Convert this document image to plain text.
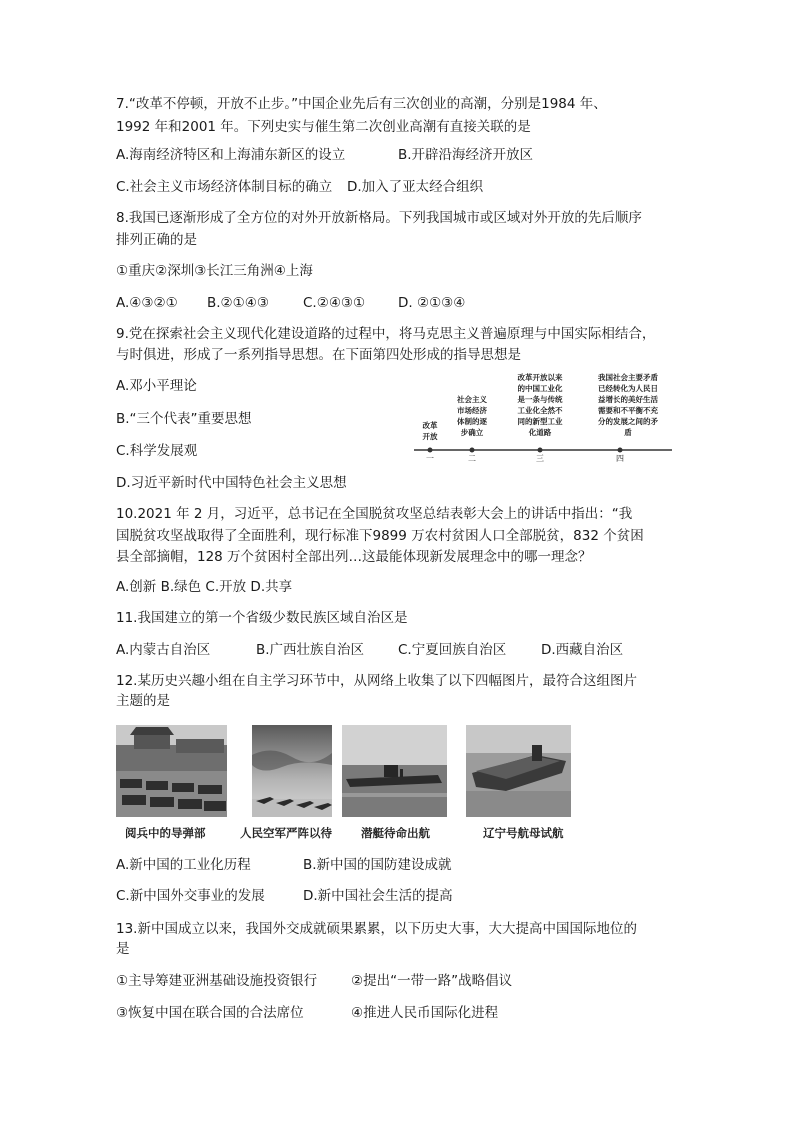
7.“改革不停顿，开放不止步。”中国企业先后有三次创业的高潮，分别是1984 年、
1992 年和2001 年。下列史实与催生第二次创业高潮有直接关联的是
A.海南经济特区和上海浦东新区的设立	B.开辟沿海经济开放区
C.社会主义市场经济体制目标的确立 D.加入了亚太经合组织
8.我国已逐渐形成了全方位的对外开放新格局。下列我国城市或区域对外开放的先后顺序
排列正确的是
①重庆②深圳③长江三角洲④上海
A.④③②① B.②①④③	C.②④③① D. ②①③④
9.党在探索社会主义现代化建设道路的过程中，将马克思主义普遍原理与中国实际相结合，
与时俱进，形成了一系列指导思想。在下面第四处形成的指导思想是
A.邓小平理论
B.“三个代表”重要思想
C.科学发展观
D.习近平新时代中国特色社会主义思想
改革
开放
社会主义
市场经济
体制的逐
步确立
改革开放以来
的中国工业化
是一条与传统
工业化全然不
同的新型工业
化道路
我国社会主要矛盾
已经转化为人民日
益增长的美好生活
需要和不平衡不充
分的发展之间的矛
盾
一	二	三	四
10.2021 年 2 月，习近平，总书记在全国脱贫攻坚总结表彰大会上的讲话中指出：“我
国脱贫攻坚战取得了全面胜利，现行标准下9899 万农村贫困人口全部脱贫，832 个贫困
县全部摘帽，128 万个贫困村全部出列…这最能体现新发展理念中的哪一理念？
A.创新 B.绿色 C.开放 D.共享
11.我国建立的第一个省级少数民族区域自治区是
A.内蒙古自治区	B.广西壮族自治区	C.宁夏回族自治区	D.西藏自治区
12.某历史兴趣小组在自主学习环节中，从网络上收集了以下四幅图片，最符合这组图片
主题的是
阅兵中的导弹部	人民空军严阵以待	潜艇待命出航	辽宁号航母试航
A.新中国的工业化历程	B.新中国的国防建设成就
C.新中国外交事业的发展	D.新中国社会生活的提高
13.新中国成立以来，我国外交成就硕果累累，以下历史大事，大大提高中国国际地位的
是
①主导筹建亚洲基础设施投资银行	②提出“一带一路”战略倡议
③恢复中国在联合国的合法席位	④推进人民币国际化进程
